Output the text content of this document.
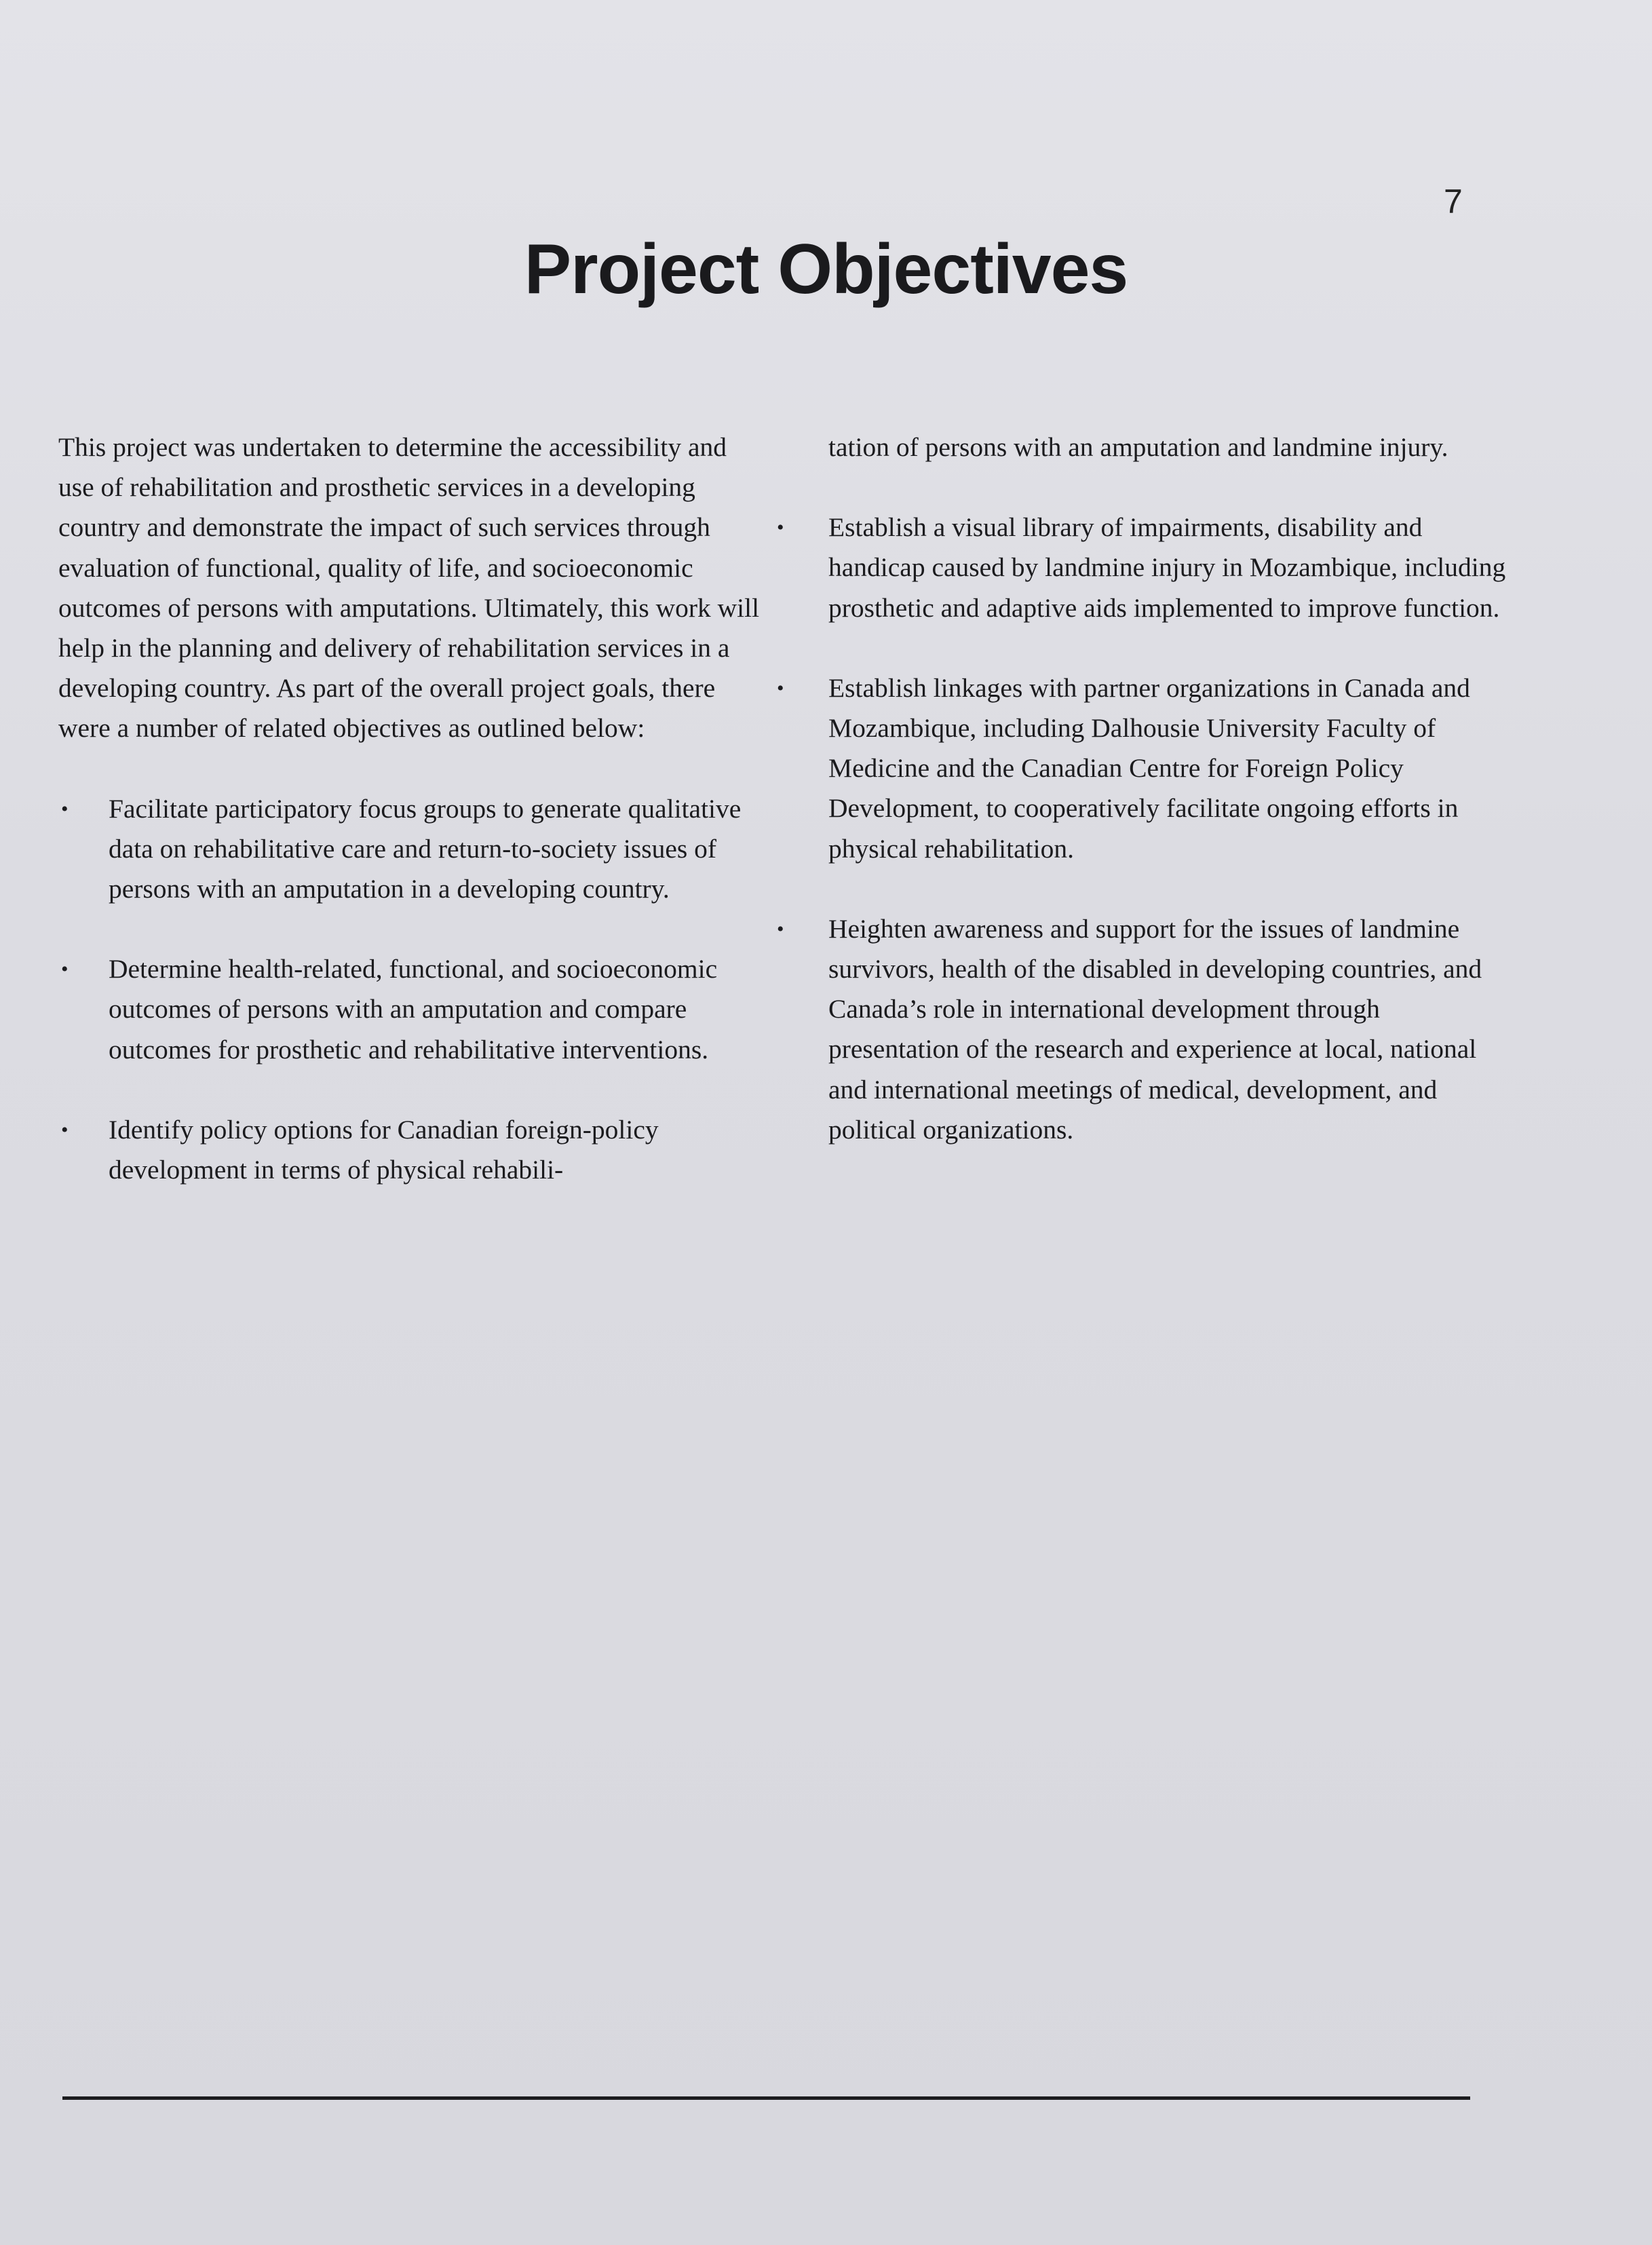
7
Project Objectives

This project was undertaken to determine the accessibility and use of rehabilitation and prosthetic services in a developing country and demonstrate the impact of such services through evaluation of functional, quality of life, and socioeconomic outcomes of persons with amputations. Ultimately, this work will help in the planning and delivery of rehabilitation services in a developing country. As part of the overall project goals, there were a number of related objectives as outlined below:

• Facilitate participatory focus groups to generate qualitative data on rehabilitative care and return-to-society issues of persons with an amputation in a developing country.
• Determine health-related, functional, and socioeconomic outcomes of persons with an amputation and compare outcomes for prosthetic and rehabilitative interventions.
• Identify policy options for Canadian foreign-policy development in terms of physical rehabili-

tation of persons with an amputation and landmine injury.

• Establish a visual library of impairments, disability and handicap caused by landmine injury in Mozambique, including prosthetic and adaptive aids implemented to improve function.
• Establish linkages with partner organizations in Canada and Mozambique, including Dalhousie University Faculty of Medicine and the Canadian Centre for Foreign Policy Development, to cooperatively facilitate ongoing efforts in physical rehabilitation.
• Heighten awareness and support for the issues of landmine survivors, health of the disabled in developing countries, and Canada’s role in international development through presentation of the research and experience at local, national and international meetings of medical, development, and political organizations.
